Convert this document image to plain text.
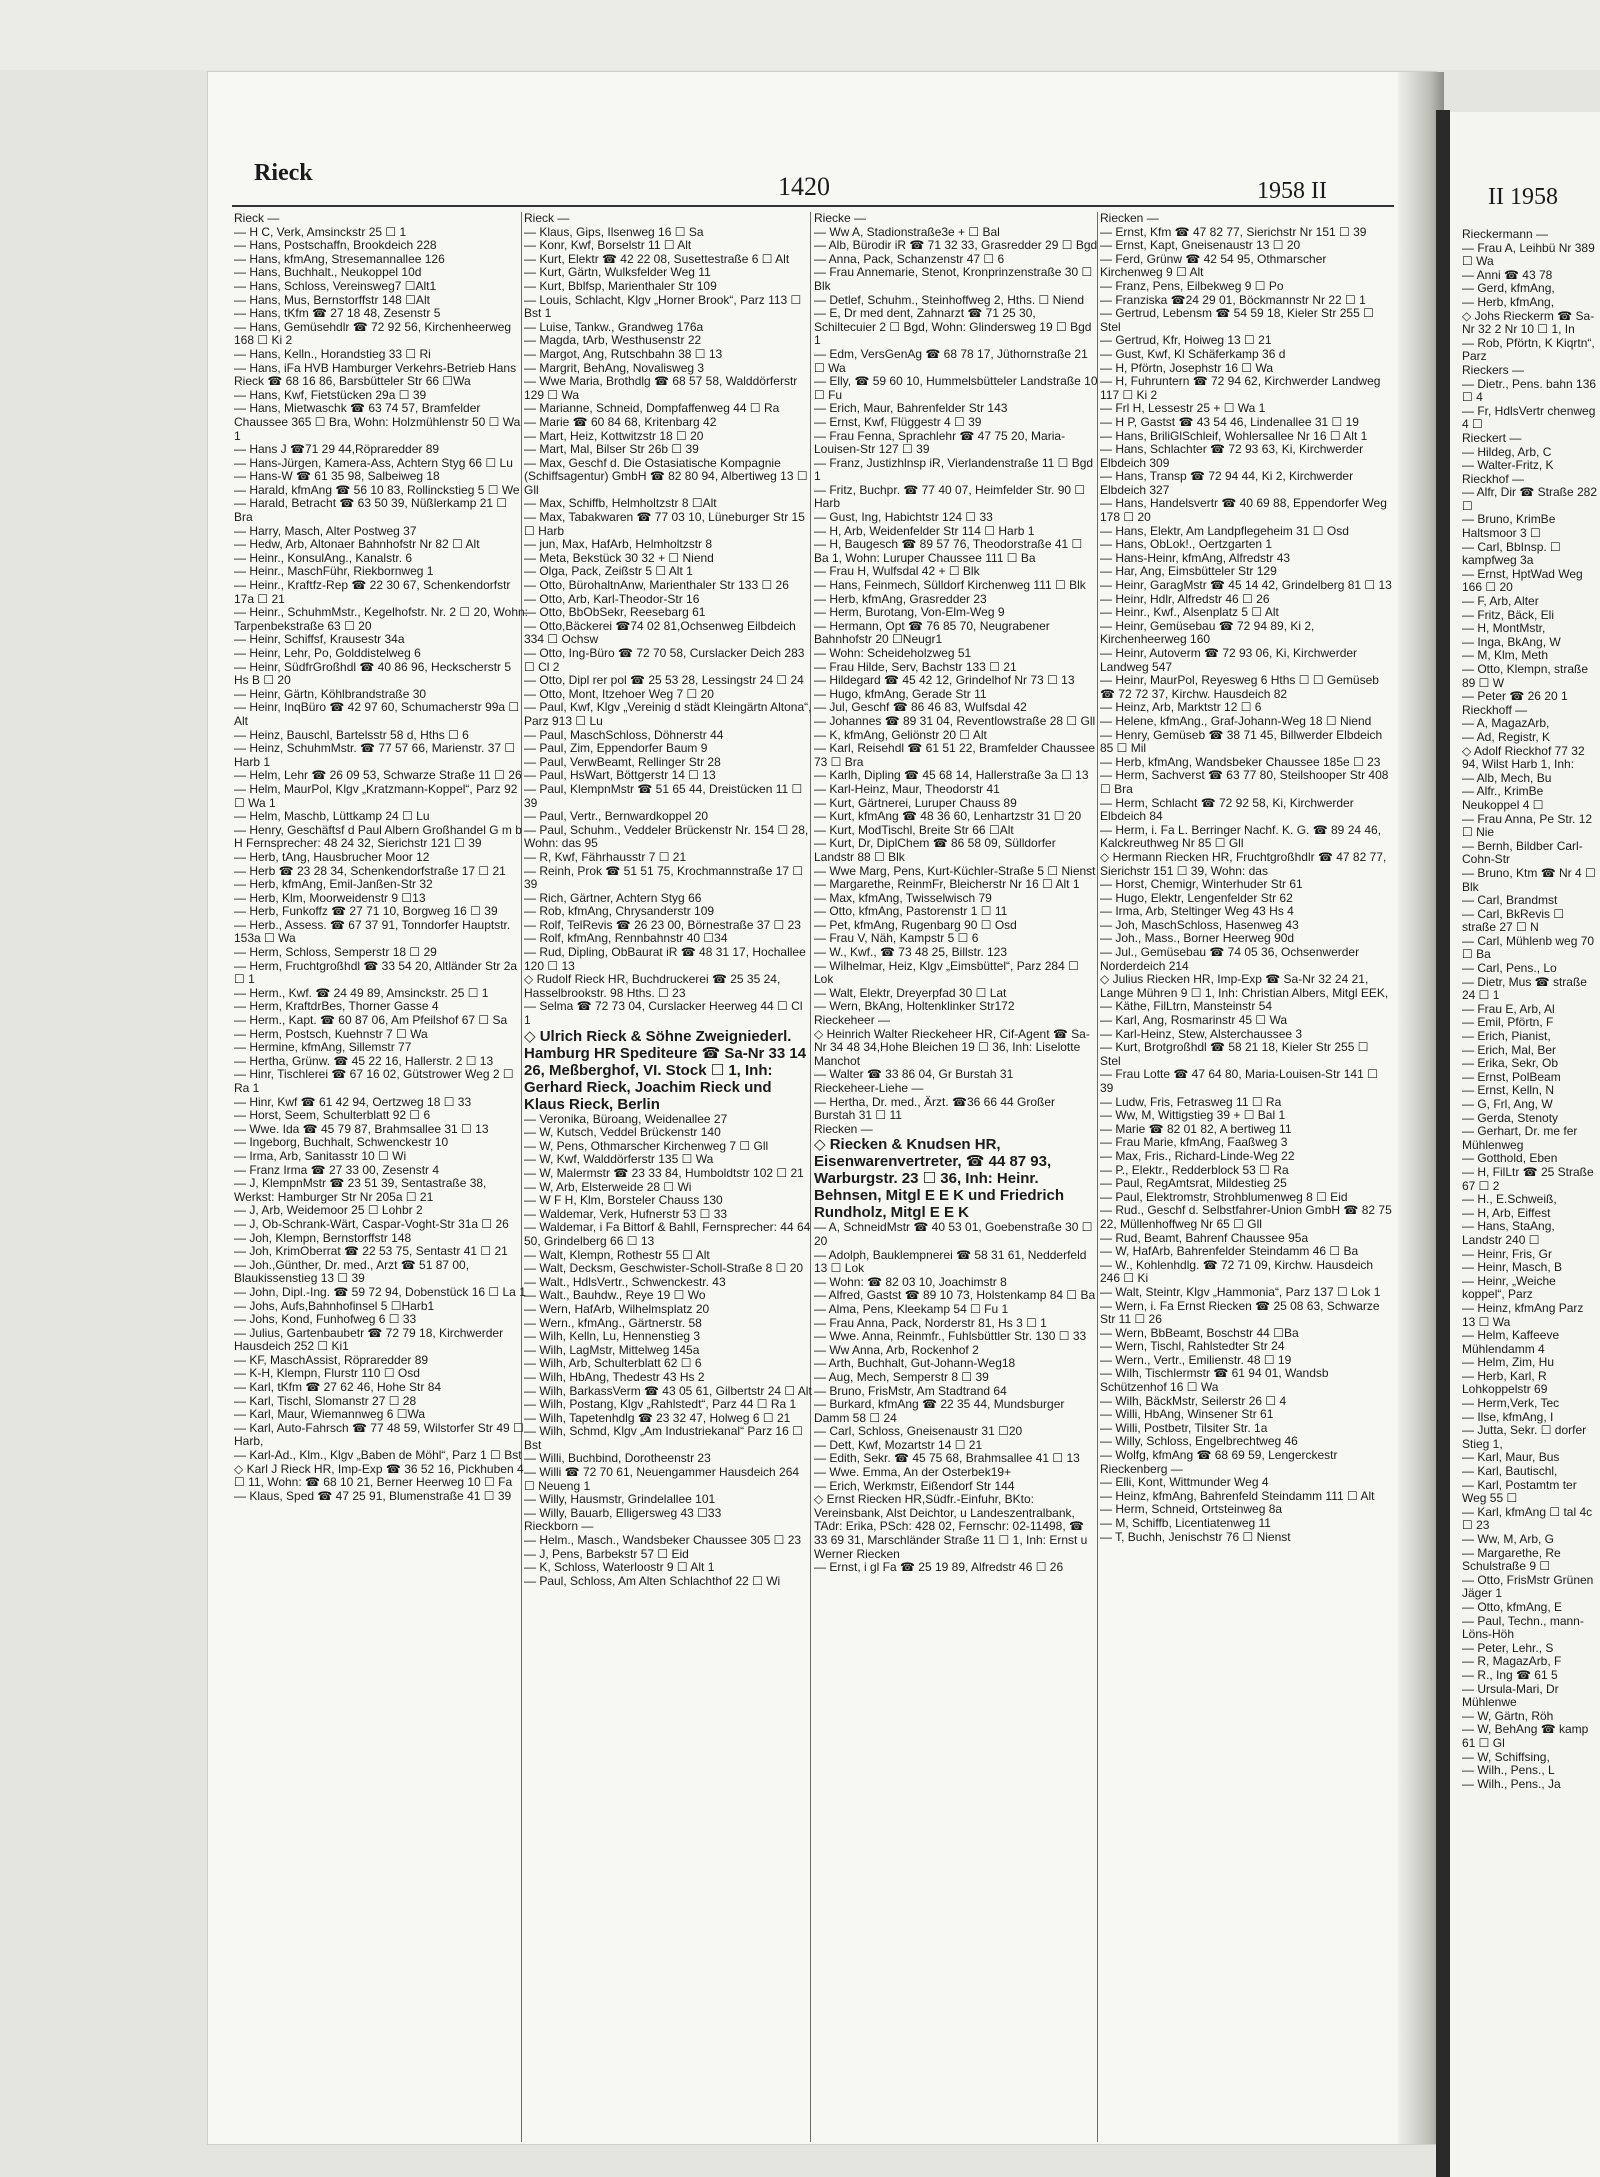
Rieck	1420	1958 II	II 1958

Rieck —

— H C, Verk, Amsinckstr 25 ☐ 1

— Hans, Postschaffn, Brookdeich 228

— Hans, kfmAng, Stresemannallee 126

— Hans, Buchhalt., Neukoppel 10d

— Hans, Schloss, Vereinsweg7 ☐Alt1

— Hans, Mus, Bernstorffstr 148 ☐Alt

— Hans, tKfm ☎ 27 18 48, Zesenstr 5

— Hans, Gemüsehdlr ☎ 72 92 56, Kirchenheerweg 168 ☐ Ki 2

— Hans, Kelln., Horandstieg 33 ☐ Ri

— Hans, iFa HVB Hamburger Verkehrs-Betrieb Hans Rieck ☎ 68 16 86, Barsbütteler Str 66 ☐Wa

— Hans, Kwf, Fietstücken 29a ☐ 39

— Hans, Mietwaschk ☎ 63 74 57, Bramfelder Chaussee 365 ☐ Bra, Wohn: Holzmühlenstr 50 ☐ Wa 1

— Hans J ☎71 29 44,Röpraredder 89

— Hans-Jürgen, Kamera-Ass, Achtern Styg 66 ☐ Lu

— Hans-W ☎ 61 35 98, Salbeiweg 18

— Harald, kfmAng ☎ 56 10 83, Rollinckstieg 5 ☐ We

— Harald, Betracht ☎ 63 50 39, Nüßlerkamp 21 ☐ Bra

— Harry, Masch, Alter Postweg 37

— Hedw, Arb, Altonaer Bahnhofstr Nr 82 ☐ Alt

— Heinr., KonsulAng., Kanalstr. 6

— Heinr., MaschFühr, Riekbornweg 1

— Heinr., Kraftfz-Rep ☎ 22 30 67, Schenkendorfstr 17a ☐ 21

— Heinr., SchuhmMstr., Kegelhofstr. Nr. 2 ☐ 20, Wohn: Tarpenbekstraße 63 ☐ 20

— Heinr, Schiffsf, Krausestr 34a

— Heinr, Lehr, Po, Golddistelweg 6

— Heinr, SüdfrGroßhdl ☎ 40 86 96, Heckscherstr 5 Hs B ☐ 20

— Heinr, Gärtn, Köhlbrandstraße 30

— Heinr, InqBüro ☎ 42 97 60, Schumacherstr 99a ☐ Alt

— Heinz, Bauschl, Bartelsstr 58 d, Hths ☐ 6

— Heinz, SchuhmMstr. ☎ 77 57 66, Marienstr. 37 ☐ Harb 1

— Helm, Lehr ☎ 26 09 53, Schwarze Straße 11 ☐ 26

— Helm, MaurPol, Klgv „Kratzmann-Koppel“, Parz 92 ☐ Wa 1

— Helm, Maschb, Lüttkamp 24 ☐ Lu

— Henry, Geschäftsf d Paul Albern Großhandel G m b H Fernsprecher: 48 24 32, Sierichstr 121 ☐ 39

— Herb, tAng, Hausbrucher Moor 12

— Herb ☎ 23 28 34, Schenkendorfstraße 17 ☐ 21

— Herb, kfmAng, Emil-Janßen-Str 32

— Herb, Klm, Moorweidenstr 9 ☐13

— Herb, Funkoffz ☎ 27 71 10, Borgweg 16 ☐ 39

— Herb., Assess. ☎ 67 37 91, Tonndorfer Hauptstr. 153a ☐ Wa

— Herm, Schloss, Semperstr 18 ☐ 29

— Herm, Fruchtgroßhdl ☎ 33 54 20, Altländer Str 2a ☐ 1

— Herm., Kwf. ☎ 24 49 89, Amsinckstr. 25 ☐ 1

— Herm, KraftdrBes, Thorner Gasse 4

— Herm., Kapt. ☎ 60 87 06, Am Pfeilshof 67 ☐ Sa

— Herm, Postsch, Kuehnstr 7 ☐ Wa

— Hermine, kfmAng, Sillemstr 77

— Hertha, Grünw. ☎ 45 22 16, Hallerstr. 2 ☐ 13

— Hinr, Tischlerei ☎ 67 16 02, Gütstrower Weg 2 ☐ Ra 1

— Hinr, Kwf ☎ 61 42 94, Oertzweg 18 ☐ 33

— Horst, Seem, Schulterblatt 92 ☐ 6

— Wwe. Ida ☎ 45 79 87, Brahmsallee 31 ☐ 13

— Ingeborg, Buchhalt, Schwenckestr 10

— Irma, Arb, Sanitasstr 10 ☐ Wi

— Franz Irma ☎ 27 33 00, Zesenstr 4

— J, KlempnMstr ☎ 23 51 39, Sentastraße 38, Werkst: Hamburger Str Nr 205a ☐ 21

— J, Arb, Weidemoor 25 ☐ Lohbr 2

— J, Ob-Schrank-Wärt, Caspar-Voght-Str 31a ☐ 26

— Joh, Klempn, Bernstorffstr 148

— Joh, KrimOberrat ☎ 22 53 75, Sentastr 41 ☐ 21

— Joh.,Günther, Dr. med., Arzt ☎ 51 87 00, Blaukissenstieg 13 ☐ 39

— John, Dipl.-Ing. ☎ 59 72 94, Dobenstück 16 ☐ La 1

— Johs, Aufs,Bahnhofinsel 5 ☐Harb1

— Johs, Kond, Funhofweg 6 ☐ 33

— Julius, Gartenbaubetr ☎ 72 79 18, Kirchwerder Hausdeich 252 ☐ Ki1

— KF, MaschAssist, Röpraredder 89

— K-H, Klempn, Flurstr 110 ☐ Osd

— Karl, tKfm ☎ 27 62 46, Hohe Str 84

— Karl, Tischl, Slomanstr 27 ☐ 28

— Karl, Maur, Wiemannweg 6 ☐Wa

— Karl, Auto-Fahrsch ☎ 77 48 59, Wilstorfer Str 49 ☐ Harb,

— Karl-Ad., Klm., Klgv „Baben de Möhl“, Parz 1 ☐ Bst

◇ Karl J Rieck HR, Imp-Exp ☎ 36 52 16, Pickhuben 4 ☐ 11, Wohn: ☎ 68 10 21, Berner Heerweg 10 ☐ Fa

— Klaus, Sped ☎ 47 25 91, Blumenstraße 41 ☐ 39

Rieck —

— Klaus, Gips, Ilsenweg 16 ☐ Sa

— Konr, Kwf, Borselstr 11 ☐ Alt

— Kurt, Elektr ☎ 42 22 08, Susettestraße 6 ☐ Alt

— Kurt, Gärtn, Wulksfelder Weg 11

— Kurt, Bblfsp, Marienthaler Str 109

— Louis, Schlacht, Klgv „Horner Brook“, Parz 113 ☐ Bst 1

— Luise, Tankw., Grandweg 176a

— Magda, tArb, Westhusenstr 22

— Margot, Ang, Rutschbahn 38 ☐ 13

— Margrit, BehAng, Novalisweg 3

— Wwe Maria, Brothdlg ☎ 68 57 58, Walddörferstr 129 ☐ Wa

— Marianne, Schneid, Dompfaffenweg 44 ☐ Ra

— Marie ☎ 60 84 68, Kritenbarg 42

— Mart, Heiz, Kottwitzstr 18 ☐ 20

— Mart, Mal, Bilser Str 26b ☐ 39

— Max, Geschf d. Die Ostasiatische Kompagnie (Schiffsagentur) GmbH ☎ 82 80 94, Albertiweg 13 ☐ Gll

— Max, Schiffb, Helmholtzstr 8 ☐Alt

— Max, Tabakwaren ☎ 77 03 10, Lüneburger Str 15 ☐ Harb

— jun, Max, HafArb, Helmholtzstr 8

— Meta, Bekstück 30 32 + ☐ Niend

— Olga, Pack, Zeißstr 5 ☐ Alt 1

— Otto, BürohaltnAnw, Marienthaler Str 133 ☐ 26

— Otto, Arb, Karl-Theodor-Str 16

— Otto, BbObSekr, Reesebarg 61

— Otto,Bäckerei ☎74 02 81,Ochsenweg Eilbdeich 334 ☐ Ochsw

— Otto, Ing-Büro ☎ 72 70 58, Curslacker Deich 283 ☐ Cl 2

— Otto, Dipl rer pol ☎ 25 53 28, Lessingstr 24 ☐ 24

— Otto, Mont, Itzehoer Weg 7 ☐ 20

— Paul, Kwf, Klgv „Vereinig d städt Kleingärtn Altona“, Parz 913 ☐ Lu

— Paul, MaschSchloss, Döhnerstr 44

— Paul, Zim, Eppendorfer Baum 9

— Paul, VerwBeamt, Rellinger Str 28

— Paul, HsWart, Böttgerstr 14 ☐ 13

— Paul, KlempnMstr ☎ 51 65 44, Dreistücken 11 ☐ 39

— Paul, Vertr., Bernwardkoppel 20

— Paul, Schuhm., Veddeler Brückenstr Nr. 154 ☐ 28, Wohn: das 95

— R, Kwf, Fährhausstr 7 ☐ 21

— Reinh, Prok ☎ 51 51 75, Krochmannstraße 17 ☐ 39

— Rich, Gärtner, Achtern Styg 66

— Rob, kfmAng, Chrysanderstr 109

— Rolf, TelRevis ☎ 26 23 00, Börnestraße 37 ☐ 23

— Rolf, kfmAng, Rennbahnstr 40 ☐34

— Rud, Dipling, ObBaurat iR ☎ 48 31 17, Hochallee 120 ☐ 13

◇ Rudolf Rieck HR, Buchdruckerei ☎ 25 35 24, Hasselbrookstr. 98 Hths. ☐ 23

— Selma ☎ 72 73 04, Curslacker Heerweg 44 ☐ Cl 1

◇ Ulrich Rieck & Söhne Zweigniederl. Hamburg HR Spediteure ☎ Sa-Nr 33 14 26, Meßberghof, VI. Stock ☐ 1, Inh: Gerhard Rieck, Joachim Rieck und Klaus Rieck, Berlin

— Veronika, Büroang, Weidenallee 27

— W, Kutsch, Veddel Brückenstr 140

— W, Pens, Othmarscher Kirchenweg 7 ☐ Gll

— W, Kwf, Walddörferstr 135 ☐ Wa

— W, Malermstr ☎ 23 33 84, Humboldtstr 102 ☐ 21

— W, Arb, Elsterweide 28 ☐ Wi

— W F H, Klm, Borsteler Chauss 130

— Waldemar, Verk, Hufnerstr 53 ☐ 33

— Waldemar, i Fa Bittorf & Bahll, Fernsprecher: 44 64 50, Grindelberg 66 ☐ 13

— Walt, Klempn, Rothestr 55 ☐ Alt

— Walt, Decksm, Geschwister-Scholl-Straße 8 ☐ 20

— Walt., HdlsVertr., Schwenckestr. 43

— Walt., Bauhdw., Reye 19 ☐ Wo

— Wern, HafArb, Wilhelmsplatz 20

— Wern., kfmAng., Gärtnerstr. 58

— Wilh, Kelln, Lu, Hennenstieg 3

— Wilh, LagMstr, Mittelweg 145a

— Wilh, Arb, Schulterblatt 62 ☐ 6

— Wilh, HbAng, Thedestr 43 Hs 2

— Wilh, BarkassVerm ☎ 43 05 61, Gilbertstr 24 ☐ Alt

— Wilh, Postang, Klgv „Rahlstedt“, Parz 44 ☐ Ra 1

— Wilh, Tapetenhdlg ☎ 23 32 47, Holweg 6 ☐ 21

— Wilh, Schmd, Klgv „Am Industriekanal“ Parz 16 ☐ Bst

— Willi, Buchbind, Dorotheenstr 23

— Willi ☎ 72 70 61, Neuengammer Hausdeich 264 ☐ Neueng 1

— Willy, Hausmstr, Grindelallee 101

— Willy, Bauarb, Elligersweg 43 ☐33

Rieckborn —

— Helm., Masch., Wandsbeker Chaussee 305 ☐ 23

— J, Pens, Barbekstr 57 ☐ Eid

— K, Schloss, Waterloostr 9 ☐ Alt 1

— Paul, Schloss, Am Alten Schlachthof 22 ☐ Wi

Riecke —

— Ww A, Stadionstraße3e + ☐ Bal

— Alb, Bürodir iR ☎ 71 32 33, Grasredder 29 ☐ Bgd

— Anna, Pack, Schanzenstr 47 ☐ 6

— Frau Annemarie, Stenot, Kronprinzenstraße 30 ☐ Blk

— Detlef, Schuhm., Steinhoffweg 2, Hths. ☐ Niend

— E, Dr med dent, Zahnarzt ☎ 71 25 30, Schiltecuier 2 ☐ Bgd, Wohn: Glindersweg 19 ☐ Bgd 1

— Edm, VersGenAg ☎ 68 78 17, Jüthornstraße 21 ☐ Wa

— Elly, ☎ 59 60 10, Hummelsbütteler Landstraße 10 ☐ Fu

— Erich, Maur, Bahrenfelder Str 143

— Ernst, Kwf, Flüggestr 4 ☐ 39

— Frau Fenna, Sprachlehr ☎ 47 75 20, Maria-Louisen-Str 127 ☐ 39

— Franz, Justizhlnsp iR, Vierlandenstraße 11 ☐ Bgd 1

— Fritz, Buchpr. ☎ 77 40 07, Heimfelder Str. 90 ☐ Harb

— Gust, Ing, Habichtstr 124 ☐ 33

— H, Arb, Weidenfelder Str 114 ☐ Harb 1

— H, Baugesch ☎ 89 57 76, Theodorstraße 41 ☐ Ba 1, Wohn: Luruper Chaussee 111 ☐ Ba

— Frau H, Wulfsdal 42 + ☐ Blk

— Hans, Feinmech, Sülldorf Kirchenweg 111 ☐ Blk

— Herb, kfmAng, Grasredder 23

— Herm, Burotang, Von-Elm-Weg 9

— Hermann, Opt ☎ 76 85 70, Neugrabener Bahnhofstr 20 ☐Neugr1

— Wohn: Scheideholzweg 51

— Frau Hilde, Serv, Bachstr 133 ☐ 21

— Hildegard ☎ 45 42 12, Grindelhof Nr 73 ☐ 13

— Hugo, kfmAng, Gerade Str 11

— Jul, Geschf ☎ 86 46 83, Wulfsdal 42

— Johannes ☎ 89 31 04, Reventlowstraße 28 ☐ Gll

— K, kfmAng, Geliönstr 20 ☐ Alt

— Karl, Reisehdl ☎ 61 51 22, Bramfelder Chaussee 73 ☐ Bra

— Karlh, Dipling ☎ 45 68 14, Hallerstraße 3a ☐ 13

— Karl-Heinz, Maur, Theodorstr 41

— Kurt, Gärtnerei, Luruper Chauss 89

— Kurt, kfmAng ☎ 48 36 60, Lenhartzstr 31 ☐ 20

— Kurt, ModTischl, Breite Str 66 ☐Alt

— Kurt, Dr, DiplChem ☎ 86 58 09, Sülldorfer Landstr 88 ☐ Blk

— Wwe Marg, Pens, Kurt-Küchler-Straße 5 ☐ Nienst

— Margarethe, ReinmFr, Bleicherstr Nr 16 ☐ Alt 1

— Max, kfmAng, Twisselwisch 79

— Otto, kfmAng, Pastorenstr 1 ☐ 11

— Pet, kfmAng, Rugenbarg 90 ☐ Osd

— Frau V, Näh, Kampstr 5 ☐ 6

— W., Kwf., ☎ 73 48 25, Billstr. 123

— Wilhelmar, Heiz, Klgv „Eimsbüttel“, Parz 284 ☐ Lok

— Walt, Elektr, Dreyerpfad 30 ☐ Lat

— Wern, BkAng, Holtenklinker Str172

Rieckeheer —

◇ Heinrich Walter Rieckeheer HR, Cif-Agent ☎ Sa-Nr 34 48 34,Hohe Bleichen 19 ☐ 36, Inh: Liselotte Manchot

— Walter ☎ 33 86 04, Gr Burstah 31

Rieckeheer-Liehe —

— Hertha, Dr. med., Ärzt. ☎36 66 44 Großer Burstah 31 ☐ 11

Riecken —

◇ Riecken & Knudsen HR, Eisenwarenvertreter, ☎ 44 87 93, Warburgstr. 23 ☐ 36, Inh: Heinr. Behnsen, Mitgl E E K und Friedrich Rundholz, Mitgl E E K

— A, SchneidMstr ☎ 40 53 01, Goebenstraße 30 ☐ 20

— Adolph, Bauklempnerei ☎ 58 31 61, Nedderfeld 13 ☐ Lok

— Wohn: ☎ 82 03 10, Joachimstr 8

— Alfred, Gastst ☎ 89 10 73, Holstenkamp 84 ☐ Ba

— Alma, Pens, Kleekamp 54 ☐ Fu 1

— Frau Anna, Pack, Norderstr 81, Hs 3 ☐ 1

— Wwe. Anna, Reinmfr., Fuhlsbüttler Str. 130 ☐ 33

— Ww Anna, Arb, Rockenhof 2

— Arth, Buchhalt, Gut-Johann-Weg18

— Aug, Mech, Semperstr 8 ☐ 39

— Bruno, FrisMstr, Am Stadtrand 64

— Burkard, kfmAng ☎ 22 35 44, Mundsburger Damm 58 ☐ 24

— Carl, Schloss, Gneisenaustr 31 ☐20

— Dett, Kwf, Mozartstr 14 ☐ 21

— Edith, Sekr. ☎ 45 75 68, Brahmsallee 41 ☐ 13

— Wwe. Emma, An der Osterbek19+

— Erich, Werkmstr, Eißendorf Str 144

◇ Ernst Riecken HR,Südfr.-Einfuhr, BKto: Vereinsbank, Alst Deichtor, u Landeszentralbank, TAdr: Erika, PSch: 428 02, Fernschr: 02-11498, ☎ 33 69 31, Marschländer Straße 11 ☐ 1, Inh: Ernst u Werner Riecken

— Ernst, i gl Fa ☎ 25 19 89, Alfredstr 46 ☐ 26

Riecken —

— Ernst, Kfm ☎ 47 82 77, Sierichstr Nr 151 ☐ 39

— Ernst, Kapt, Gneisenaustr 13 ☐ 20

— Ferd, Grünw ☎ 42 54 95, Othmarscher Kirchenweg 9 ☐ Alt

— Franz, Pens, Eilbekweg 9 ☐ Po

— Franziska ☎24 29 01, Böckmannstr Nr 22 ☐ 1

— Gertrud, Lebensm ☎ 54 59 18, Kieler Str 255 ☐ Stel

— Gertrud, Kfr, Hoiweg 13 ☐ 21

— Gust, Kwf, Kl Schäferkamp 36 d

— H, Pförtn, Josephstr 16 ☐ Wa

— H, Fuhruntern ☎ 72 94 62, Kirchwerder Landweg 117 ☐ Ki 2

— Frl H, Lessestr 25 + ☐ Wa 1

— H P, Gastst ☎ 43 54 46, Lindenallee 31 ☐ 19

— Hans, BriliGlSchleif, Wohlersallee Nr 16 ☐ Alt 1

— Hans, Schlachter ☎ 72 93 63, Ki, Kirchwerder Elbdeich 309

— Hans, Transp ☎ 72 94 44, Ki 2, Kirchwerder Elbdeich 327

— Hans, Handelsvertr ☎ 40 69 88, Eppendorfer Weg 178 ☐ 20

— Hans, Elektr, Am Landpflegeheim 31 ☐ Osd

— Hans, ObLok!., Oertzgarten 1

— Hans-Heinr, kfmAng, Alfredstr 43

— Har, Ang, Eimsbütteler Str 129

— Heinr, GaragMstr ☎ 45 14 42, Grindelberg 81 ☐ 13

— Heinr, Hdlr, Alfredstr 46 ☐ 26

— Heinr., Kwf., Alsenplatz 5 ☐ Alt

— Heinr, Gemüsebau ☎ 72 94 89, Ki 2, Kirchenheerweg 160

— Heinr, Autoverm ☎ 72 93 06, Ki, Kirchwerder Landweg 547

— Heinr, MaurPol, Reyesweg 6 Hths ☐ ☐ Gemüseb ☎ 72 72 37, Kirchw. Hausdeich 82

— Heinz, Arb, Marktstr 12 ☐ 6

— Helene, kfmAng., Graf-Johann-Weg 18 ☐ Niend

— Henry, Gemüseb ☎ 38 71 45, Billwerder Elbdeich 85 ☐ Mil

— Herb, kfmAng, Wandsbeker Chaussee 185e ☐ 23

— Herm, Sachverst ☎ 63 77 80, Steilshooper Str 408 ☐ Bra

— Herm, Schlacht ☎ 72 92 58, Ki, Kirchwerder Elbdeich 84

— Herm, i. Fa L. Berringer Nachf. K. G. ☎ 89 24 46, Kalckreuthweg Nr 85 ☐ Gll

◇ Hermann Riecken HR, Fruchtgroßhdlr ☎ 47 82 77, Sierichstr 151 ☐ 39, Wohn: das

— Horst, Chemigr, Winterhuder Str 61

— Hugo, Elektr, Lengenfelder Str 62

— Irma, Arb, Steltinger Weg 43 Hs 4

— Joh, MaschSchloss, Hasenweg 43

— Joh., Mass., Borner Heerweg 90d

— Jul., Gemüsebau ☎ 74 05 36, Ochsenwerder Norderdeich 214

◇ Julius Riecken HR, Imp-Exp ☎ Sa-Nr 32 24 21, Lange Mühren 9 ☐ 1, Inh: Christian Albers, Mitgl EEK,

— Käthe, FilLtrn, Mansteinstr 54

— Karl, Ang, Rosmarinstr 45 ☐ Wa

— Karl-Heinz, Stew, Alsterchaussee 3

— Kurt, Brotgroßhdl ☎ 58 21 18, Kieler Str 255 ☐ Stel

— Frau Lotte ☎ 47 64 80, Maria-Louisen-Str 141 ☐ 39

— Ludw, Fris, Fetrasweg 11 ☐ Ra

— Ww, M, Wittigstieg 39 + ☐ Bal 1

— Marie ☎ 82 01 82, A bertiweg 11

— Frau Marie, kfmAng, Faaßweg 3

— Max, Fris., Richard-Linde-Weg 22

— P., Elektr., Redderblock 53 ☐ Ra

— Paul, RegAmtsrat, Mildestieg 25

— Paul, Elektromstr, Strohblumenweg 8 ☐ Eid

— Rud., Geschf d. Selbstfahrer-Union GmbH ☎ 82 75 22, Müllenhoffweg Nr 65 ☐ Gll

— Rud, Beamt, Bahrenf Chaussee 95a

— W, HafArb, Bahrenfelder Steindamm 46 ☐ Ba

— W., Kohlenhdlg. ☎ 72 71 09, Kirchw. Hausdeich 246 ☐ Ki

— Walt, Steintr, Klgv „Hammonia“, Parz 137 ☐ Lok 1

— Wern, i. Fa Ernst Riecken ☎ 25 08 63, Schwarze Str 11 ☐ 26

— Wern, BbBeamt, Boschstr 44 ☐Ba

— Wern, Tischl, Rahlstedter Str 24

— Wern., Vertr., Emilienstr. 48 ☐ 19

— Wilh, Tischlermstr ☎ 61 94 01, Wandsb Schützenhof 16 ☐ Wa

— Wilh, BäckMstr, Seilerstr 26 ☐ 4

— Willi, HbAng, Winsener Str 61

— Willi, Postbetr, Tilsiter Str. 1a

— Willy, Schloss, Engelbrechtweg 46

— Wolfg, kfmAng ☎ 68 69 59, Lengerckestr

Rieckenberg —

— Elli, Kont, Wittmunder Weg 4

— Heinz, kfmAng, Bahrenfeld Steindamm 111 ☐ Alt

— Herm, Schneid, Ortsteinweg 8a

— M, Schiffb, Licentiatenweg 11

— T, Buchh, Jenischstr 76 ☐ Nienst

Rieckermann —

— Frau A, Leihbü Nr 389 ☐ Wa

— Anni ☎ 43 78

— Gerd, kfmAng,

— Herb, kfmAng,

◇ Johs Rieckerm ☎ Sa-Nr 32 2 Nr 10 ☐ 1, In

— Rob, Pförtn, K Kiqrtn“, Parz

Rieckers —

— Dietr., Pens. bahn 136 ☐ 4

— Fr, HdlsVertr chenweg 4 ☐

Rieckert —

— Hildeg, Arb, C

— Walter-Fritz, K

Rieckhof —

— Alfr, Dir ☎ Straße 282 ☐

— Bruno, KrimBe Haltsmoor 3 ☐

— Carl, BbInsp. ☐ kampfweg 3a

— Ernst, HptWad Weg 166 ☐ 20

— F, Arb, Alter

— Fritz, Bäck, Eli

— H, MontMstr,

— Inga, BkAng, W

— M, Klm, Meth

— Otto, Klempn, straße 89 ☐ W

— Peter ☎ 26 20 1

Rieckhoff —

— A, MagazArb,

— Ad, Registr, K

◇ Adolf Rieckhof 77 32 94, Wilst Harb 1, Inh:

— Alb, Mech, Bu

— Alfr., KrimBe Neukoppel 4 ☐

— Frau Anna, Pe Str. 12 ☐ Nie

— Bernh, Bildber Carl-Cohn-Str

— Bruno, Ktm ☎ Nr 4 ☐ Blk

— Carl, Brandmst

— Carl, BkRevis ☐ straße 27 ☐ N

— Carl, Mühlenb weg 70 ☐ Ba

— Carl, Pens., Lo

— Dietr, Mus ☎ straße 24 ☐ 1

— Frau E, Arb, Al

— Emil, Pförtn, F

— Erich, Pianist,

— Erich, Mal, Ber

— Erika, Sekr, Ob

— Ernst, PolBeam

— Ernst, Kelln, N

— G, Frl, Ang, W

— Gerda, Stenoty

— Gerhart, Dr. me fer Mühlenweg

— Gotthold, Eben

— H, FilLtr ☎ 25 Straße 67 ☐ 2

— H., E.Schweiß,

— H, Arb, Eiffest

— Hans, StaAng, Landstr 240 ☐

— Heinr, Fris, Gr

— Heinr, Masch, B

— Heinr, „Weiche koppel“, Parz

— Heinz, kfmAng Parz 13 ☐ Wa

— Helm, Kaffeeve Mühlendamm 4

— Helm, Zim, Hu

— Herb, Karl, R Lohkoppelstr 69

— Herm,Verk, Tec

— Ilse, kfmAng, I

— Jutta, Sekr. ☐ dorfer Stieg 1,

— Karl, Maur, Bus

— Karl, Bautischl,

— Karl, Postamtm ter Weg 55 ☐

— Karl, kfmAng ☐ tal 4c ☐ 23

— Ww, M, Arb, G

— Margarethe, Re Schulstraße 9 ☐

— Otto, FrisMstr Grünen Jäger 1

— Otto, kfmAng, E

— Paul, Techn., mann-Löns-Höh

— Peter, Lehr., S

— R, MagazArb, F

— R., Ing ☎ 61 5

— Ursula-Mari, Dr Mühlenwe

— W, Gärtn, Röh

— W, BehAng ☎ kamp 61 ☐ Gl

— W, Schiffsing,

— Wilh., Pens., L

— Wilh., Pens., Ja
